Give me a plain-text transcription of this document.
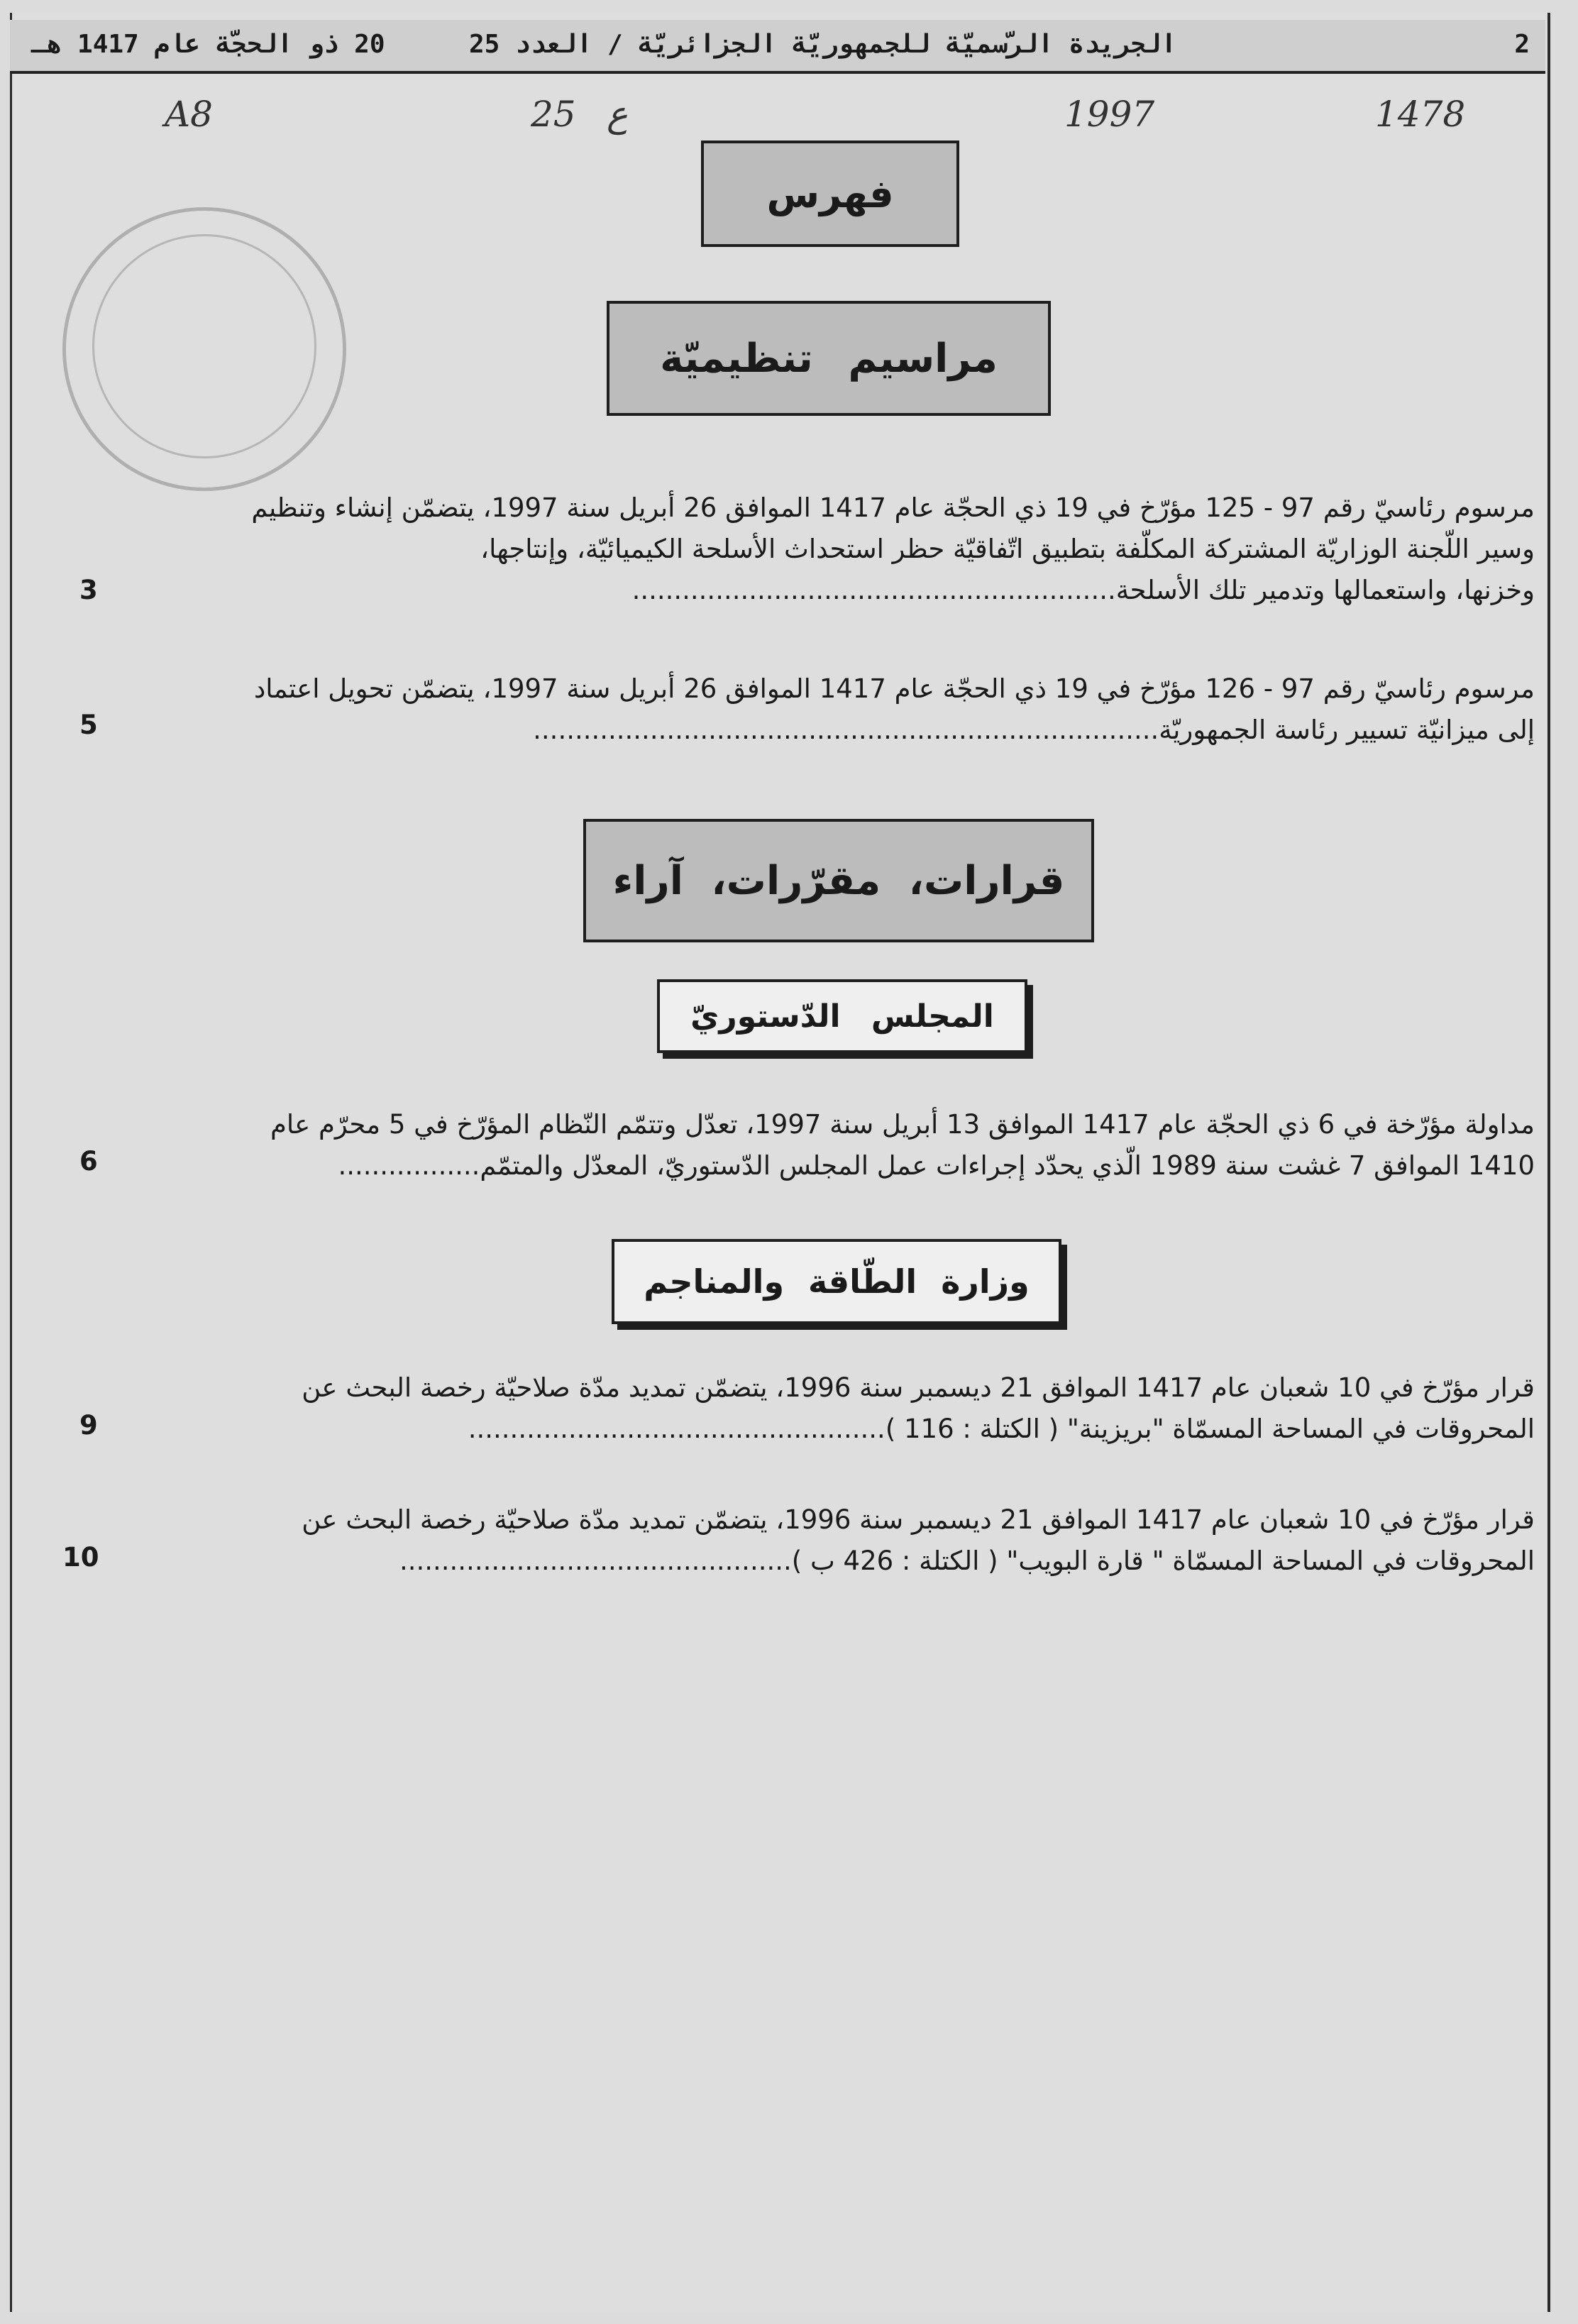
2
الجريدة الرّسميّة للجمهوريّة الجزائريّة / العدد 25
20 ذو الحجّة عام 1417 هـ
1478
1997
ع
25
A8
فهرس
مراسيم تنظيميّة
مرسوم رئاسيّ رقم 97 - 125 مؤرّخ في 19 ذي الحجّة عام 1417 الموافق 26 أبريل سنة 1997، يتضمّن إنشاء وتنظيم
وسير اللّجنة الوزاريّة المشتركة المكلّفة بتطبيق اتّفاقيّة حظر استحداث الأسلحة الكيميائيّة، وإنتاجها،
وخزنها، واستعمالها وتدمير تلك الأسلحة..........................................................
3
مرسوم رئاسيّ رقم 97 - 126 مؤرّخ في 19 ذي الحجّة عام 1417 الموافق 26 أبريل سنة 1997، يتضمّن تحويل اعتماد
إلى ميزانيّة تسيير رئاسة الجمهوريّة...........................................................................
5
قرارات، مقرّرات، آراء
المجلس الدّستوريّ
مداولة مؤرّخة في 6 ذي الحجّة عام 1417 الموافق 13 أبريل سنة 1997، تعدّل وتتمّم النّظام المؤرّخ في 5 محرّم عام
1410 الموافق 7 غشت سنة 1989 الّذي يحدّد إجراءات عمل المجلس الدّستوريّ، المعدّل والمتمّم.................
6
وزارة الطّاقة والمناجم
قرار مؤرّخ في 10 شعبان عام 1417 الموافق 21 ديسمبر سنة 1996، يتضمّن تمديد مدّة صلاحيّة رخصة البحث عن
المحروقات في المساحة المسمّاة "بريزينة" ( الكتلة : 116 )..................................................
9
قرار مؤرّخ في 10 شعبان عام 1417 الموافق 21 ديسمبر سنة 1996، يتضمّن تمديد مدّة صلاحيّة رخصة البحث عن
المحروقات في المساحة المسمّاة " قارة البويب" ( الكتلة : 426 ب )...............................................
10
